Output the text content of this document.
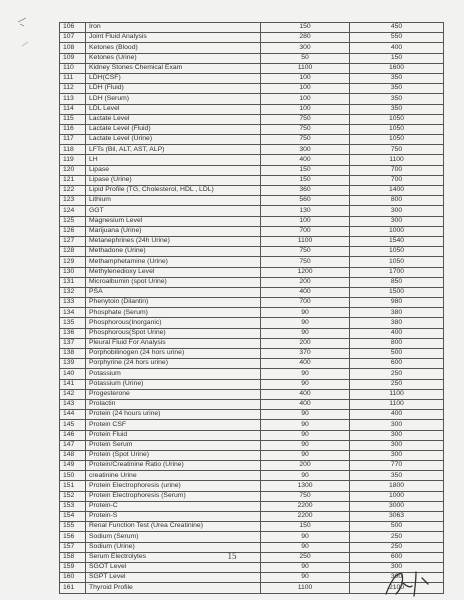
106	Iron	150	450
107	Joint Fluid Analysis	280	550
108	Ketones (Blood)	300	400
109	Ketones (Urine)	50	150
110	Kidney Stones Chemical Exam	1100	1600
111	LDH(CSF)	100	350
112	LDH (Fluid)	100	350
113	LDH (Serum)	100	350
114	LDL Level	100	350
115	Lactate Level	750	1050
116	Lactate Level (Fluid)	750	1050
117	Lactate Level (Urine)	750	1050
118	LFTs (Bil, ALT, AST, ALP)	300	750
119	LH	400	1100
120	Lipase	150	700
121	Lipase (Urine)	150	700
122	Lipid Profile (TG, Cholesterol, HDL , LDL)	360	1400
123	Lithium	560	800
124	GGT	130	300
125	Magnesium Level	100	300
126	Marijuana (Urine)	700	1000
127	Metanephrines (24h Urine)	1100	1540
128	Methadone (Urine)	750	1050
129	Methamphetamine (Urine)	750	1050
130	Methylenedioxy Level	1200	1700
131	Microalbumin (spot Urine)	200	850
132	PSA	400	1500
133	Phenytoin (Dilantin)	700	980
134	Phosphate (Serum)	90	380
135	Phosphorous(Inorganic)	90	380
136	Phosphorous(Spot Urine)	90	400
137	Pleural Fluid For Analysis	200	800
138	Porphobilinogen (24 hors urine)	370	500
139	Porphyrine (24 hors urine)	400	600
140	Potassium	90	250
141	Potassium (Urine)	90	250
142	Progesterone	400	1100
143	Prolactin	400	1100
144	Protein (24 hours urine)	90	400
145	Protein CSF	90	300
146	Protein Fluid	90	300
147	Protein Serum	90	300
148	Protein (Spot Urine)	90	300
149	Protein/Creatinine Ratio (Urine)	200	770
150	creatinine Urine	90	350
151	Protein Electrophoresis (urine)	1300	1800
152	Protein Electrophoresis (Serum)	750	1000
153	Protein-C	2200	3000
154	Protein-S	2200	3063
155	Renal Function Test (Urea Creatinine)	150	500
156	Sodium (Serum)	90	250
157	Sodium (Urine)	90	250
158	Serum Electrolytes	250	600
159	SGOT Level	90	300
160	SGPT Level	90	300
161	Thyroid Profile	1100	2100
15
